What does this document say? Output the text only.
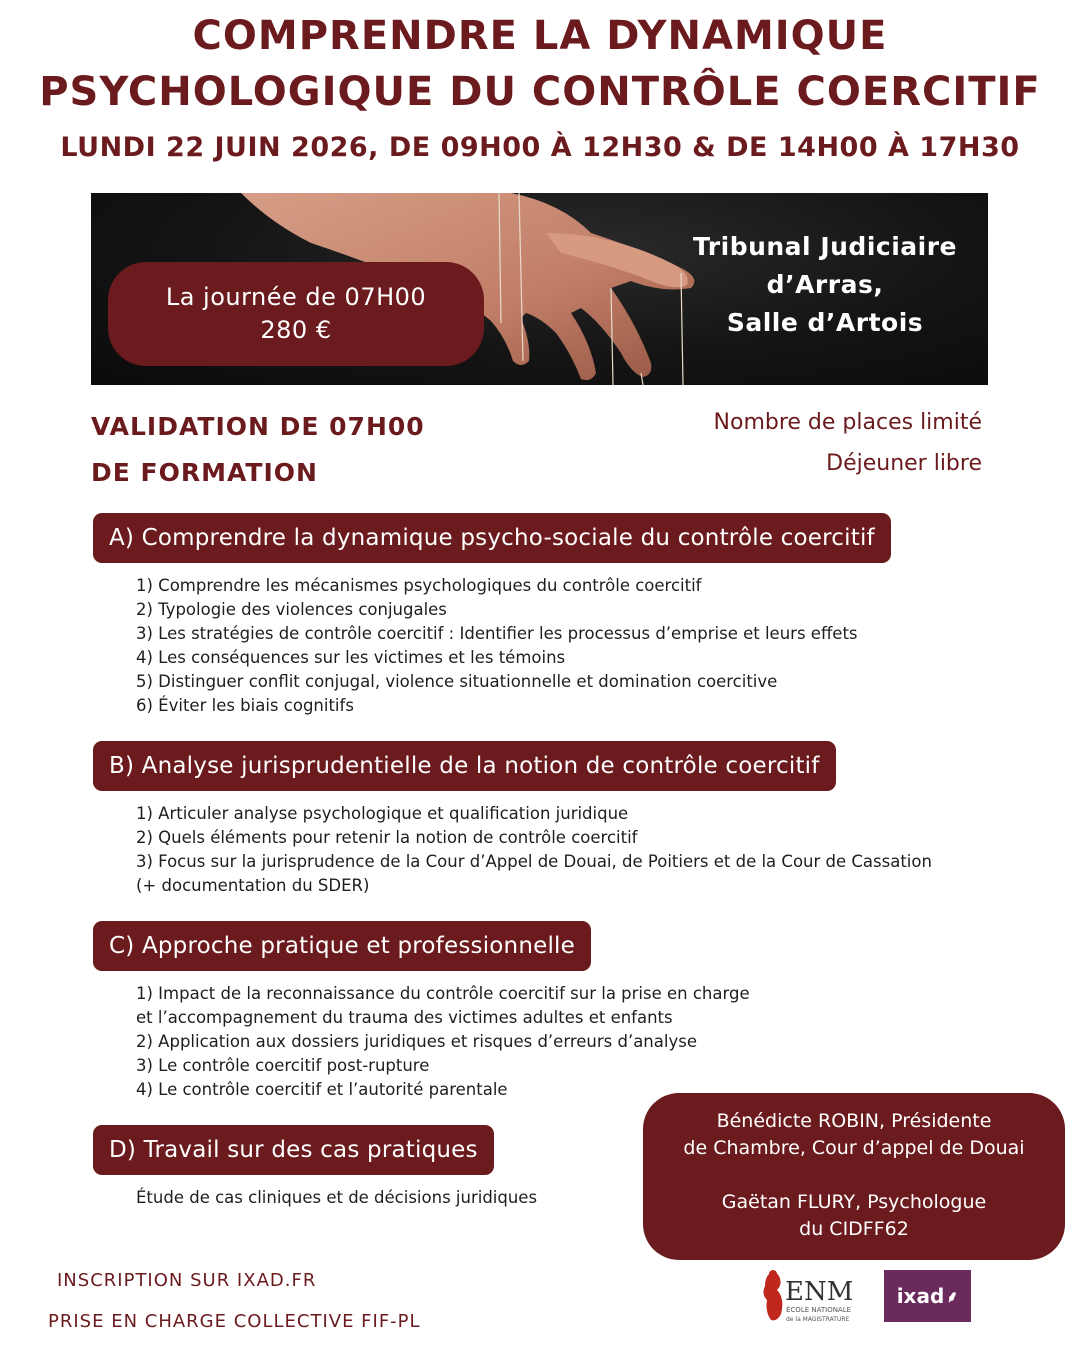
COMPRENDRE LA DYNAMIQUE
PSYCHOLOGIQUE DU CONTRÔLE COERCITIF
LUNDI 22 JUIN 2026, DE 09H00 À 12H30 & DE 14H00 À 17H30
La journée de 07H00
280 €
Tribunal Judiciaire
d’Arras,
Salle d’Artois
VALIDATION DE 07H00
DE FORMATION
Nombre de places limité
Déjeuner libre
A) Comprendre la dynamique psycho-sociale du contrôle coercitif
1) Comprendre les mécanismes psychologiques du contrôle coercitif
2) Typologie des violences conjugales
3) Les stratégies de contrôle coercitif : Identifier les processus d’emprise et leurs effets
4) Les conséquences sur les victimes et les témoins
5) Distinguer conflit conjugal, violence situationnelle et domination coercitive
6) Éviter les biais cognitifs
B) Analyse jurisprudentielle de la notion de contrôle coercitif
1) Articuler analyse psychologique et qualification juridique
2) Quels éléments pour retenir la notion de contrôle coercitif
3) Focus sur la jurisprudence de la Cour d’Appel de Douai, de Poitiers et de la Cour de Cassation
(+ documentation du SDER)
C) Approche pratique et professionnelle
1) Impact de la reconnaissance du contrôle coercitif sur la prise en charge
et l’accompagnement du trauma des victimes adultes et enfants
2) Application aux dossiers juridiques et risques d’erreurs d’analyse
3) Le contrôle coercitif post-rupture
4) Le contrôle coercitif et l’autorité parentale
D) Travail sur des cas pratiques
Étude de cas cliniques et de décisions juridiques
Bénédicte ROBIN, Présidente
de Chambre, Cour d’appel de Douai
Gaëtan FLURY, Psychologue
du CIDFF62
INSCRIPTION SUR IXAD.FR
PRISE EN CHARGE COLLECTIVE FIF-PL
ENM
ÉCOLE NATIONALE
de la MAGISTRATURE
ixad ⸙
